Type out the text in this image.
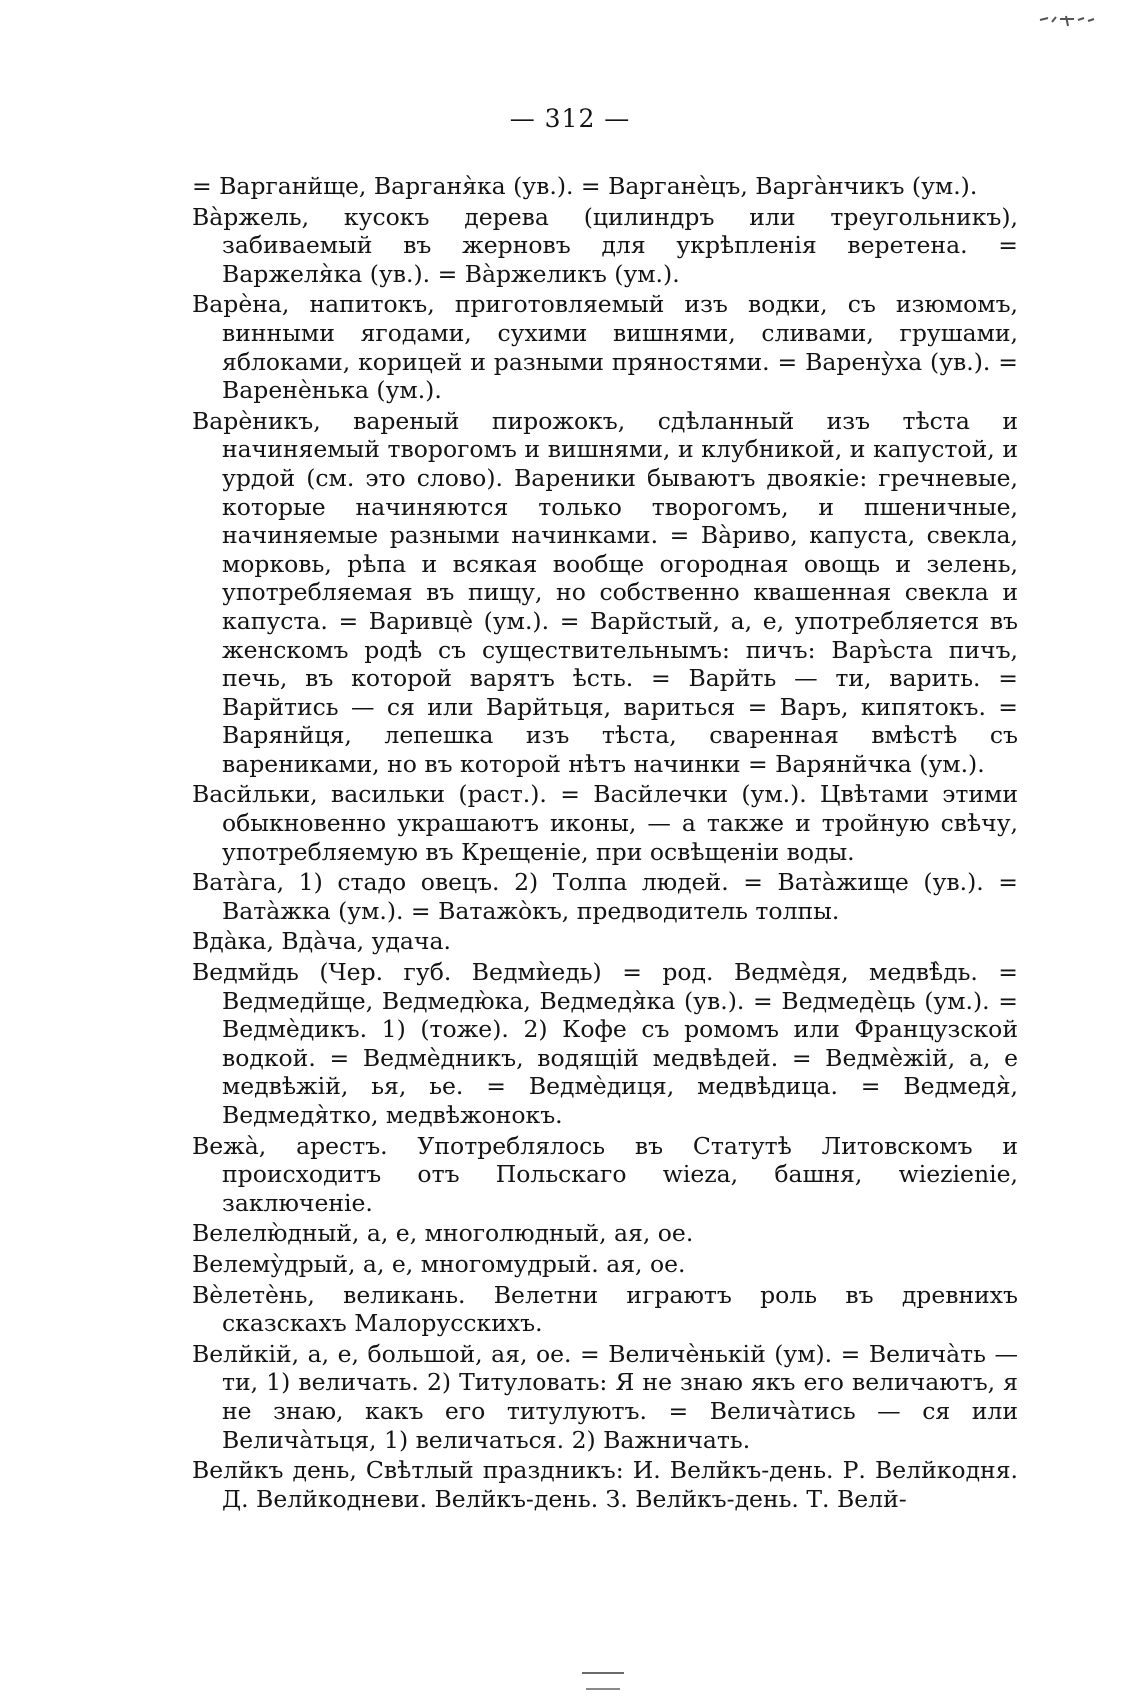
— 312 —

= Варганйще, Варганя̀ка (ув.). = Варганѐцъ, Варга̀нчикъ (ум.).

Ва̀ржель, кусокъ дерева (цилиндръ или треугольникъ), забиваемый въ жерновъ для укрѣпленія веретена. = Варжеля̀ка (ув.). = Ва̀ржеликъ (ум.).

Варѐна, напитокъ, приготовляемый изъ водки, съ изюмомъ, винными ягодами, сухими вишнями, сливами, грушами, яблоками, корицей и разными пряностями. = Варену̀ха (ув.). = Варенѐнька (ум.).

Варѐникъ, вареный пирожокъ, сдѣланный изъ тѣста и начиняемый творогомъ и вишнями, и клубникой, и капустой, и урдой (см. это слово). Вареники бываютъ двоякіе: гречневые, которые начиняются только творогомъ, и пшеничные, начиняемые разными начинками. = Ва̀риво, капуста, свекла, морковь, рѣпа и всякая вообще огородная овощь и зелень, употребляемая въ пищу, но собственно квашенная свекла и капуста. = Варивцѐ (ум.). = Варйстый, а, е, употребляется въ женскомъ родѣ съ существительнымъ: пичъ: Варъ̀ста пичъ, печь, въ которой варятъ ѣсть. = Варйть — ти, варить. = Варйтись — ся или Варйтьця, вариться = Варъ, кипятокъ. = Варянйця, лепешка изъ тѣста, сваренная вмѣстѣ съ варениками, но въ которой нѣтъ начинки = Варянйчка (ум.).

Васйльки, васильки (раст.). = Васйлечки (ум.). Цвѣтами этими обыкновенно украшаютъ иконы, — а также и тройную свѣчу, употребляемую въ Крещеніе, при освѣщеніи воды.

Вата̀га, 1) стадо овецъ. 2) Толпа людей. = Вата̀жище (ув.). = Вата̀жка (ум.). = Ватажо̀къ, предводитель толпы.

Вда̀ка, Вда̀ча, удача.

Ведмйдь (Чер. губ. Ведмѝедь) = род. Ведмѐдя, медвѣ̀дь. = Ведмедйще, Ведмедю̀ка, Ведмедя̀ка (ув.). = Ведмедѐць (ум.). = Ведмѐдикъ. 1) (тоже). 2) Кофе съ ромомъ или Французской водкой. = Ведмѐдникъ, водящій медвѣдей. = Ведмѐжій, а, е медвѣжій, ья, ье. = Ведмѐдиця, медвѣдица. = Ведмедя̀, Ведмедя̀тко, медвѣжонокъ.

Вежа̀, арестъ. Употреблялось въ Статутѣ Литовскомъ и происходитъ отъ Польскаго wieza, башня, wiezienie, заключеніе.

Велелю̀дный, а, е, многолюдный, ая, ое.

Велему̀дрый, а, е, многомудрый. ая, ое.

Вѐлетѐнь, великань. Велетни играютъ роль въ древнихъ сказскахъ Малорусскихъ.

Велйкій, а, е, большой, ая, ое. = Величѐнькій (ум). = Велича̀ть — ти, 1) величать. 2) Титуловать: Я не знаю якъ его величаютъ, я не знаю, какъ его титулуютъ. = Велича̀тись — ся или Велича̀тьця, 1) величаться. 2) Важничать.

Велйкъ день, Свѣтлый праздникъ: И. Велйкъ-день. Р. Велйкодня. Д. Велйкодневи. Велйкъ-день. З. Велйкъ-день. Т. Велй-
